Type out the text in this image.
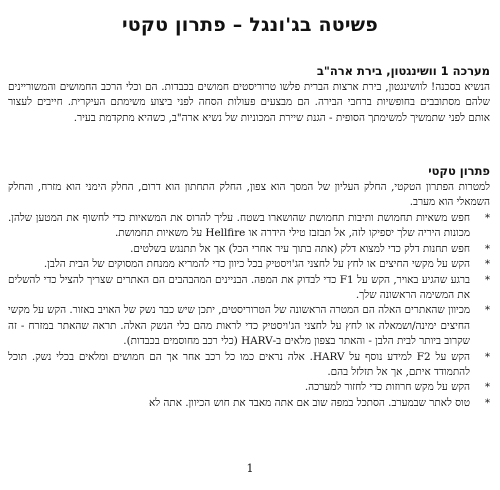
פשיטה בג'ונגל – פתרון טקטי
מערכה 1 וושינגטון, בירת ארה"ב
הנשיא בסכנה! לוושינגטון, בירת ארצות הברית פלשו טרוריסטים חמושים בכבדות. הם וכלי הרכב החמושים והמשוריינים שלהם מסתובבים בחופשיות ברחבי הבירה. הם מבצעים פעולות הסחה לפני ביצוע משימתם העיקרית. חייבים לעצור אותם לפני שתמשיך למשימתך הסופית - הגנת שיירת המכוניות של נשיא ארה"ב, כשהיא מתקדמת בעיר.
פתרון טקטי
למטרות הפתרון הטקטי, החלק העליון של המסך הוא צפון, החלק התחתון הוא דרום, החלק הימני הוא מזרח, והחלק השמאלי הוא מערב.
*
חפש משאיות תחמושת ותיבות תחמושת שהושארו בשטח. עליך להרוס את המשאיות כדי לחשוף את המטען שלהן. מכונות היריה שלך יספיקו לזה, אל תבזבז טילי הידרה או Hellfire על משאיות תחמושת.
*
חפש תחנות דלק כדי למצוא דלק (אתה בתוך עיר אחרי הכל) אך אל תתנגש בשלטים.
*
הקש על מקשי החיצים או לחץ על לחצני הג'ויסטיק בכל כיוון כדי להמריא ממנחת המסוקים של הבית הלבן.
*
ברגע שהגיע באויר, הקש על F1 כדי לבדוק את המפה. הבניינים המהבהבים הם האתרים שצריך להציל כדי להשלים את המשימה הראשונה שלך.
*
מכיוון שהאתרים האלה הם המטרה הראשונה של הטרוריסטים, יתכן שיש כבר נשק של האויב באזור. הקש על מקשי החיצים ימינה/ושמאלה או לחץ על לחצני הג'ויסטיק כדי לראות מהם כלי הנשק האלה. תראה שהאתר במזרח - זה שקרוב ביותר לבית הלבן - והאתר בצפון מלאים ב-HARV (כלי רכב מחוסמים בכבדות).
*
הקש על F2 למידע נוסף על HARV. אלה נראים כמו כל רכב אחר אך הם חמושים ומלאים בכלי נשק. תוכל להתמודד איתם, אך אל תזלזל בהם.
*
הקש על מקש חרוזות כדי לחזור למערכה.
*
טוס לאתר שבמערב. הסתכל במפה שוב אם אתה מאבד את חוש הכיוון. אתה לא
1
